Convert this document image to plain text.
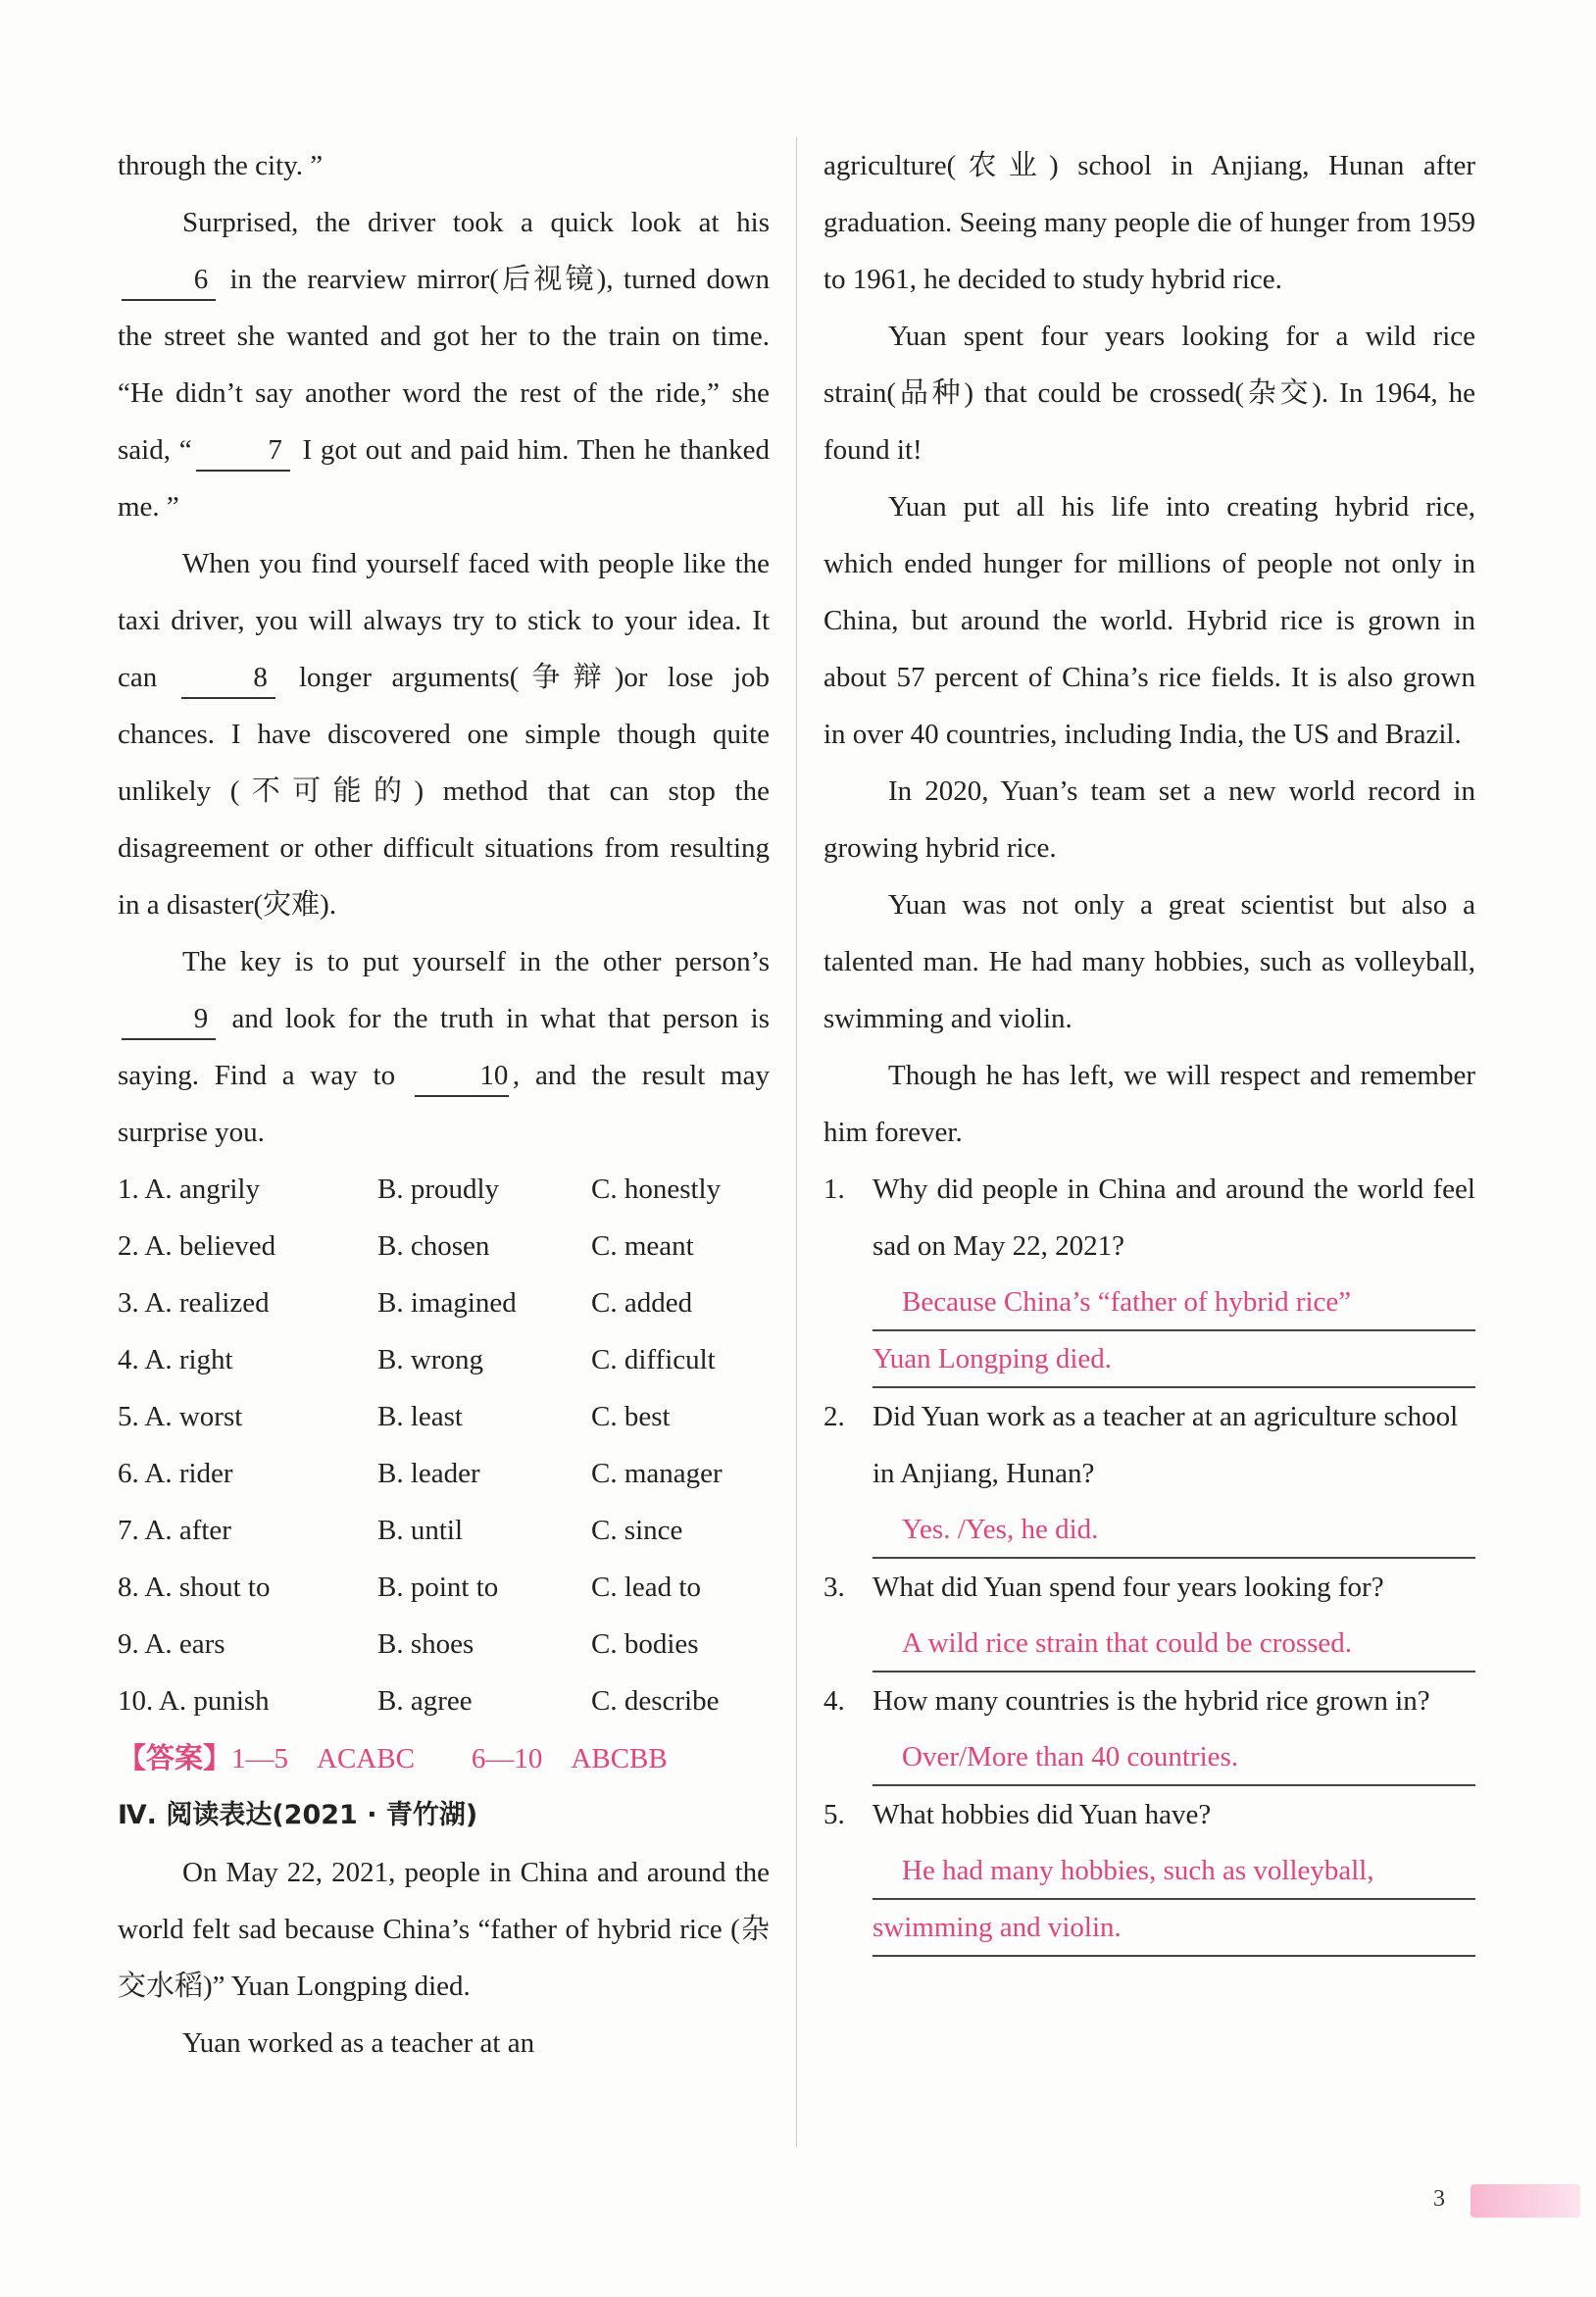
through the city. ”

Surprised, the driver took a quick look at his 6 in the rearview mirror(后视镜), turned down the street she wanted and got her to the train on time. “He didn’t say another word the rest of the ride,” she said, “	7 I got out and paid him. Then he thanked me. ”

When you find yourself faced with people like the taxi driver, you will always try to stick to your idea. It can	8 longer arguments(争辩)or lose job chances. I have discovered one simple though quite unlikely (不可能的) method that can stop the disagreement or other difficult situations from resulting in a disaster(灾难).

The key is to put yourself in the other person’s 9 and look for the truth in what that person is saying. Find a way to	10 , and the result may surprise you.

1. A. angrily	B. proudly	C. honestly
2. A. believed	B. chosen	C. meant
3. A. realized	B. imagined	C. added
4. A. right	B. wrong	C. difficult
5. A. worst	B. least	C. best
6. A. rider	B. leader	C. manager
7. A. after	B. until	C. since
8. A. shout to	B. point to	C. lead to
9. A. ears	B. shoes	C. bodies
10. A. punish	B. agree	C. describe

【答案】1—5　ACABC　　6—10　ABCBB

Ⅳ. 阅读表达(2021 · 青竹湖)

On May 22, 2021, people in China and around the world felt sad because China’s “father of hybrid rice (杂交水稻)” Yuan Longping died.

Yuan worked as a teacher at an

agriculture(农业) school in Anjiang, Hunan after graduation. Seeing many people die of hunger from 1959 to 1961, he decided to study hybrid rice.

Yuan spent four years looking for a wild rice strain(品种) that could be crossed(杂交). In 1964, he found it!

Yuan put all his life into creating hybrid rice, which ended hunger for millions of people not only in China, but around the world. Hybrid rice is grown in about 57 percent of China’s rice fields. It is also grown in over 40 countries, including India, the US and Brazil.

In 2020, Yuan’s team set a new world record in growing hybrid rice.

Yuan was not only a great scientist but also a talented man. He had many hobbies, such as volleyball, swimming and violin.

Though he has left, we will respect and remember him forever.

1. Why did people in China and around the world feel sad on May 22, 2021?
Because China’s “father of hybrid rice”
Yuan Longping died.
2. Did Yuan work as a teacher at an agriculture school in Anjiang, Hunan?
Yes. /Yes, he did.
3. What did Yuan spend four years looking for?
A wild rice strain that could be crossed.
4. How many countries is the hybrid rice grown in?
Over/More than 40 countries.
5. What hobbies did Yuan have?
He had many hobbies, such as volleyball,
swimming and violin.
3
